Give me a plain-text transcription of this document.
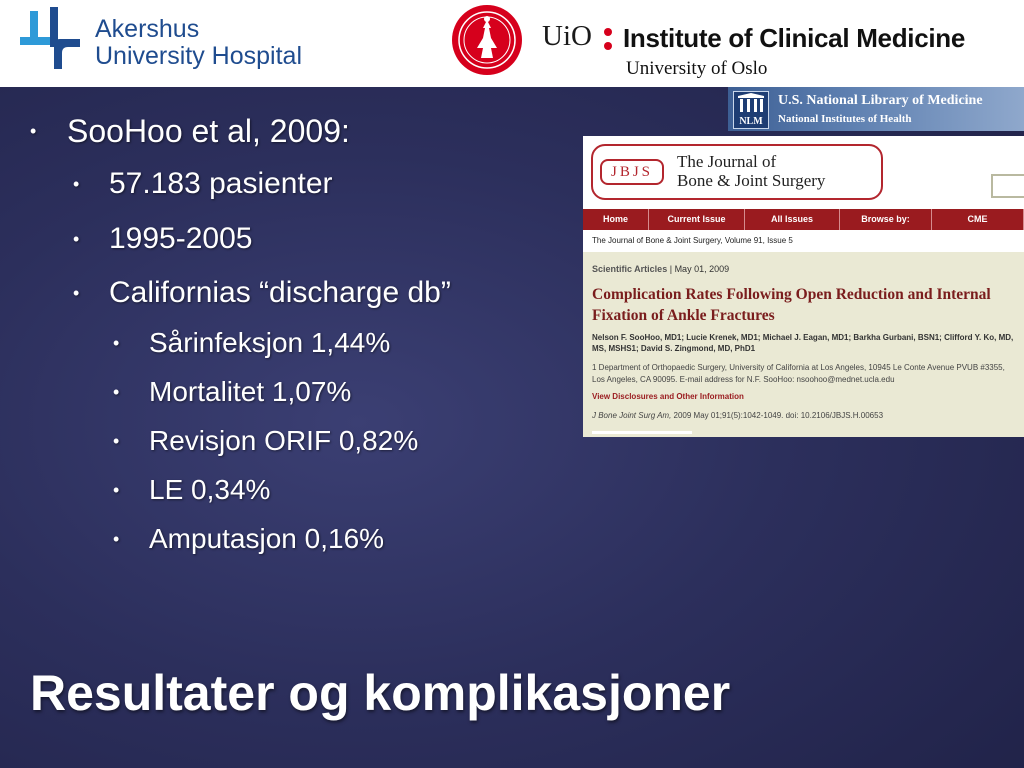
Akershus
University Hospital
UiO Institute of Clinical Medicine
University of Oslo
NLM
U.S. National Library of Medicine
National Institutes of Health
• SooHoo et al, 2009:
• 57.183 pasienter
• 1995-2005
• Californias “discharge db”
• Sårinfeksjon 1,44%
• Mortalitet 1,07%
• Revisjon ORIF 0,82%
• LE 0,34%
• Amputasjon 0,16%
JBJS
The Journal of
Bone & Joint Surgery
Home	Current Issue	All Issues	Browse by:	CME
The Journal of Bone & Joint Surgery, Volume 91, Issue 5
Scientific Articles | May 01, 2009
Complication Rates Following Open Reduction and Internal Fixation of Ankle Fractures
Nelson F. SooHoo, MD1; Lucie Krenek, MD1; Michael J. Eagan, MD1; Barkha Gurbani, BSN1; Clifford Y. Ko, MD, MS, MSHS1; David S. Zingmond, MD, PhD1
1 Department of Orthopaedic Surgery, University of California at Los Angeles, 10945 Le Conte Avenue PVUB #3355, Los Angeles, CA 90095. E-mail address for N.F. SooHoo: nsoohoo@mednet.ucla.edu
View Disclosures and Other Information
J Bone Joint Surg Am, 2009 May 01;91(5):1042-1049. doi: 10.2106/JBJS.H.00653
Resultater og komplikasjoner
